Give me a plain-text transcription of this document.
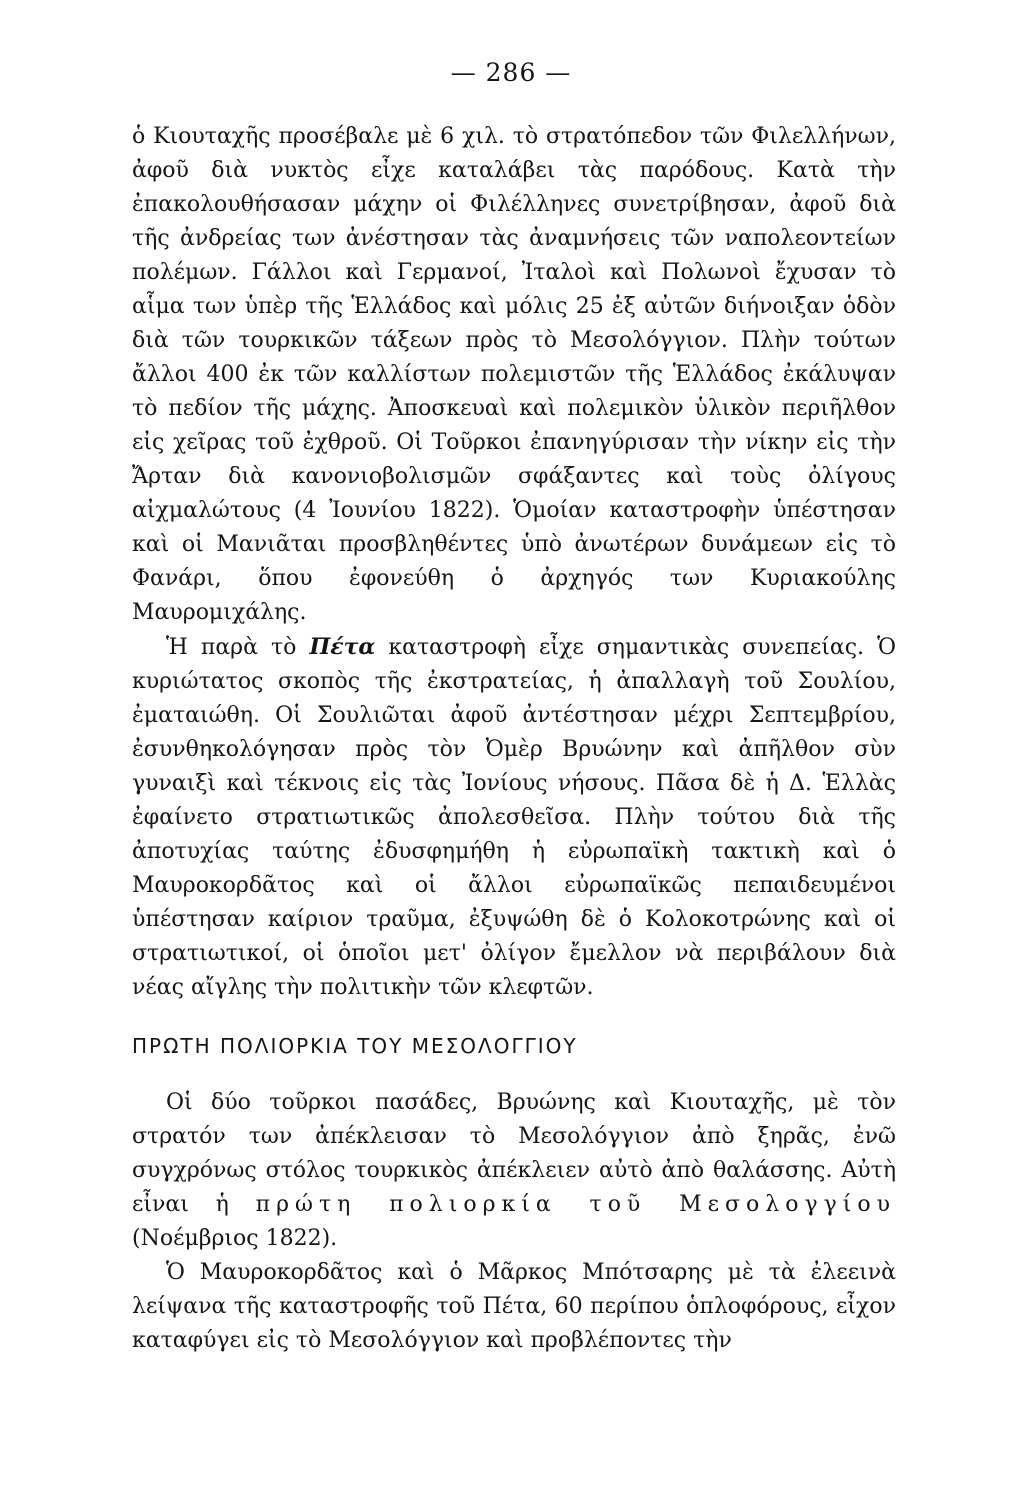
— 286 —

ὁ Κιουταχῆς προσέβαλε μὲ 6 χιλ. τὸ στρατόπεδον τῶν Φιλελλήνων, ἀφοῦ διὰ νυκτὸς εἶχε καταλάβει τὰς παρόδους. Κατὰ τὴν ἐπακολουθήσασαν μάχην οἱ Φιλέλληνες συνετρίβησαν, ἀφοῦ διὰ τῆς ἀνδρείας των ἀνέστησαν τὰς ἀναμνήσεις τῶν ναπολεοντείων πολέμων. Γάλλοι καὶ Γερμανοί, Ἰταλοὶ καὶ Πολωνοὶ ἔχυσαν τὸ αἷμα των ὑπὲρ τῆς Ἑλλάδος καὶ μόλις 25 ἐξ αὐτῶν διήνοιξαν ὁδὸν διὰ τῶν τουρκικῶν τάξεων πρὸς τὸ Μεσολόγγιον. Πλὴν τούτων ἄλλοι 400 ἐκ τῶν καλλίστων πολεμιστῶν τῆς Ἑλλάδος ἐκάλυψαν τὸ πεδίον τῆς μάχης. Ἀποσκευαὶ καὶ πολεμικὸν ὑλικὸν περιῆλθον εἰς χεῖρας τοῦ ἐχθροῦ. Οἱ Τοῦρκοι ἐπανηγύρισαν τὴν νίκην εἰς τὴν Ἄρταν διὰ κανονιοβολισμῶν σφάξαντες καὶ τοὺς ὀλίγους αἰχμαλώτους (4 Ἰουνίου 1822). Ὁμοίαν καταστροφὴν ὑπέστησαν καὶ οἱ Μανιᾶται προσβληθέντες ὑπὸ ἀνωτέρων δυνάμεων εἰς τὸ Φανάρι, ὅπου ἐφονεύθη ὁ ἀρχηγός των Κυριακούλης Μαυρομιχάλης.

Ἡ παρὰ τὸ Πέτα καταστροφὴ εἶχε σημαντικὰς συνεπείας. Ὁ κυριώτατος σκοπὸς τῆς ἐκστρατείας, ἡ ἀπαλλαγὴ τοῦ Σουλίου, ἐματαιώθη. Οἱ Σουλιῶται ἀφοῦ ἀντέστησαν μέχρι Σεπτεμβρίου, ἐσυνθηκολόγησαν πρὸς τὸν Ὀμὲρ Βρυώνην καὶ ἀπῆλθον σὺν γυναιξὶ καὶ τέκνοις εἰς τὰς Ἰονίους νήσους. Πᾶσα δὲ ἡ Δ. Ἑλλὰς ἐφαίνετο στρατιωτικῶς ἀπολεσθεῖσα. Πλὴν τούτου διὰ τῆς ἀποτυχίας ταύτης ἐδυσφημήθη ἡ εὐρωπαϊκὴ τακτικὴ καὶ ὁ Μαυροκορδᾶτος καὶ οἱ ἄλλοι εὐρωπαϊκῶς πεπαιδευμένοι ὑπέστησαν καίριον τραῦμα, ἐξυψώθη δὲ ὁ Κολοκοτρώνης καὶ οἱ στρατιωτικοί, οἱ ὁποῖοι μετ' ὀλίγον ἔμελλον νὰ περιβάλουν διὰ νέας αἴγλης τὴν πολιτικὴν τῶν κλεφτῶν.

ΠΡΩΤΗ ΠΟΛΙΟΡΚΙΑ ΤΟΥ ΜΕΣΟΛΟΓΓΙΟΥ

Οἱ δύο τοῦρκοι πασάδες, Βρυώνης καὶ Κιουταχῆς, μὲ τὸν στρατόν των ἀπέκλεισαν τὸ Μεσολόγγιον ἀπὸ ξηρᾶς, ἐνῶ συγχρόνως στόλος τουρκικὸς ἀπέκλειεν αὐτὸ ἀπὸ θαλάσσης. Αὐτὴ εἶναι ἡ πρώτη πολιορκία τοῦ Μεσολογγίου (Νοέμβριος 1822).

Ὁ Μαυροκορδᾶτος καὶ ὁ Μᾶρκος Μπότσαρης μὲ τὰ ἐλεεινὰ λείψανα τῆς καταστροφῆς τοῦ Πέτα, 60 περίπου ὁπλοφόρους, εἶχον καταφύγει εἰς τὸ Μεσολόγγιον καὶ προβλέποντες τὴν
